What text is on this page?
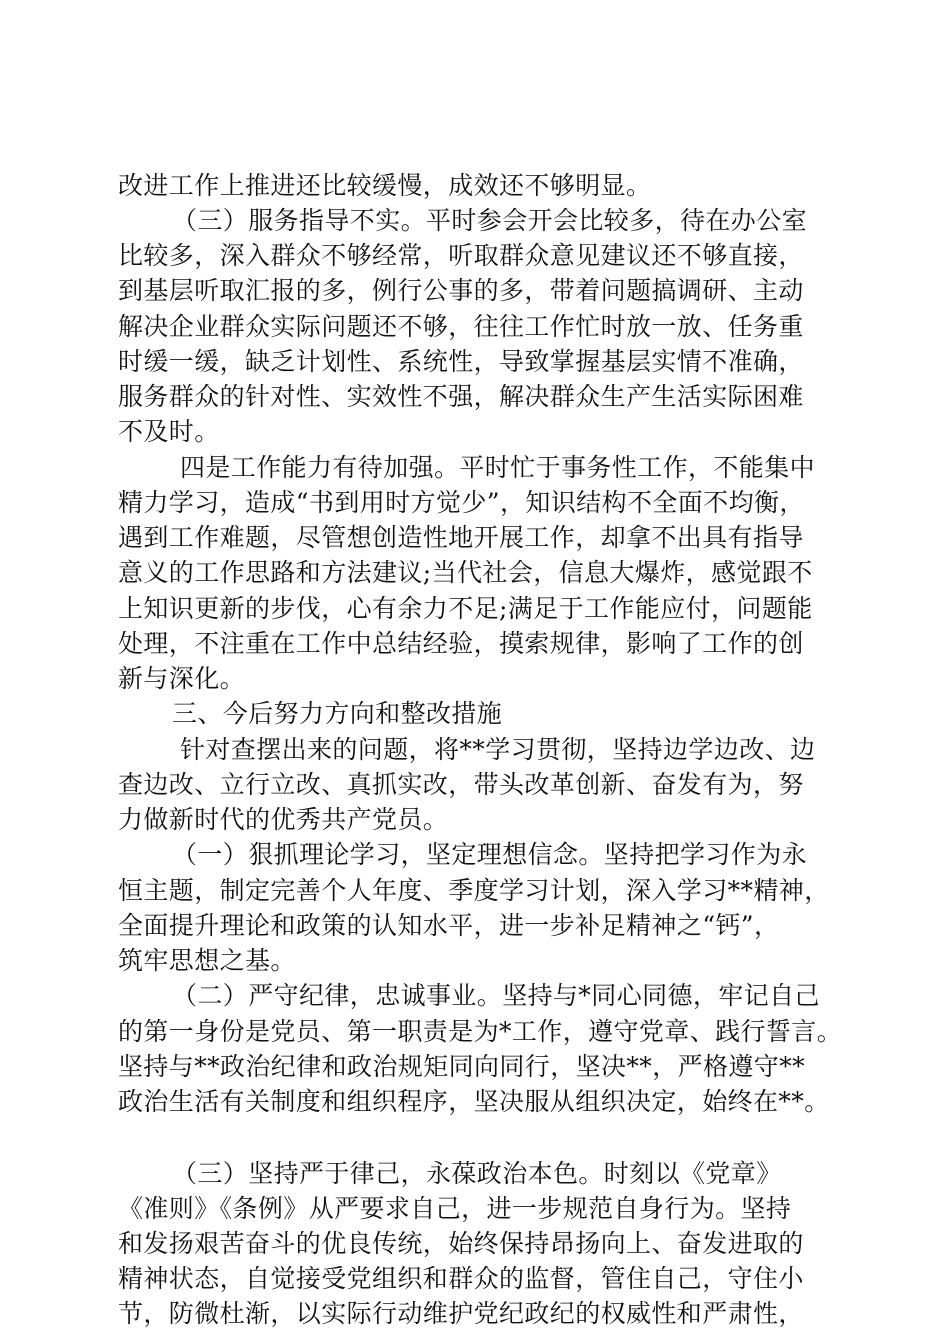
改进工作上推进还比较缓慢，成效还不够明显。
（三）服务指导不实。平时参会开会比较多，待在办公室
比较多，深入群众不够经常，听取群众意见建议还不够直接，
到基层听取汇报的多，例行公事的多，带着问题搞调研、主动
解决企业群众实际问题还不够，往往工作忙时放一放、任务重
时缓一缓，缺乏计划性、系统性，导致掌握基层实情不准确，
服务群众的针对性、实效性不强，解决群众生产生活实际困难
不及时。
四是工作能力有待加强。平时忙于事务性工作，不能集中
精力学习，造成“书到用时方觉少”，知识结构不全面不均衡，
遇到工作难题，尽管想创造性地开展工作，却拿不出具有指导
意义的工作思路和方法建议;当代社会，信息大爆炸，感觉跟不
上知识更新的步伐，心有余力不足;满足于工作能应付，问题能
处理，不注重在工作中总结经验，摸索规律，影响了工作的创
新与深化。
三、今后努力方向和整改措施
针对查摆出来的问题，将**学习贯彻，坚持边学边改、边
查边改、立行立改、真抓实改，带头改革创新、奋发有为，努
力做新时代的优秀共产党员。
（一）狠抓理论学习，坚定理想信念。坚持把学习作为永
恒主题，制定完善个人年度、季度学习计划，深入学习**精神，
全面提升理论和政策的认知水平，进一步补足精神之“钙”，
筑牢思想之基。
（二）严守纪律，忠诚事业。坚持与*同心同德，牢记自己
的第一身份是党员、第一职责是为*工作，遵守党章、践行誓言。
坚持与**政治纪律和政治规矩同向同行，坚决**，严格遵守**
政治生活有关制度和组织程序，坚决服从组织决定，始终在**。
（三）坚持严于律己，永葆政治本色。时刻以《党章》
《准则》《条例》从严要求自己，进一步规范自身行为。坚持
和发扬艰苦奋斗的优良传统，始终保持昂扬向上、奋发进取的
精神状态，自觉接受党组织和群众的监督，管住自己，守住小
节，防微杜渐，以实际行动维护党纪政纪的权威性和严肃性，
